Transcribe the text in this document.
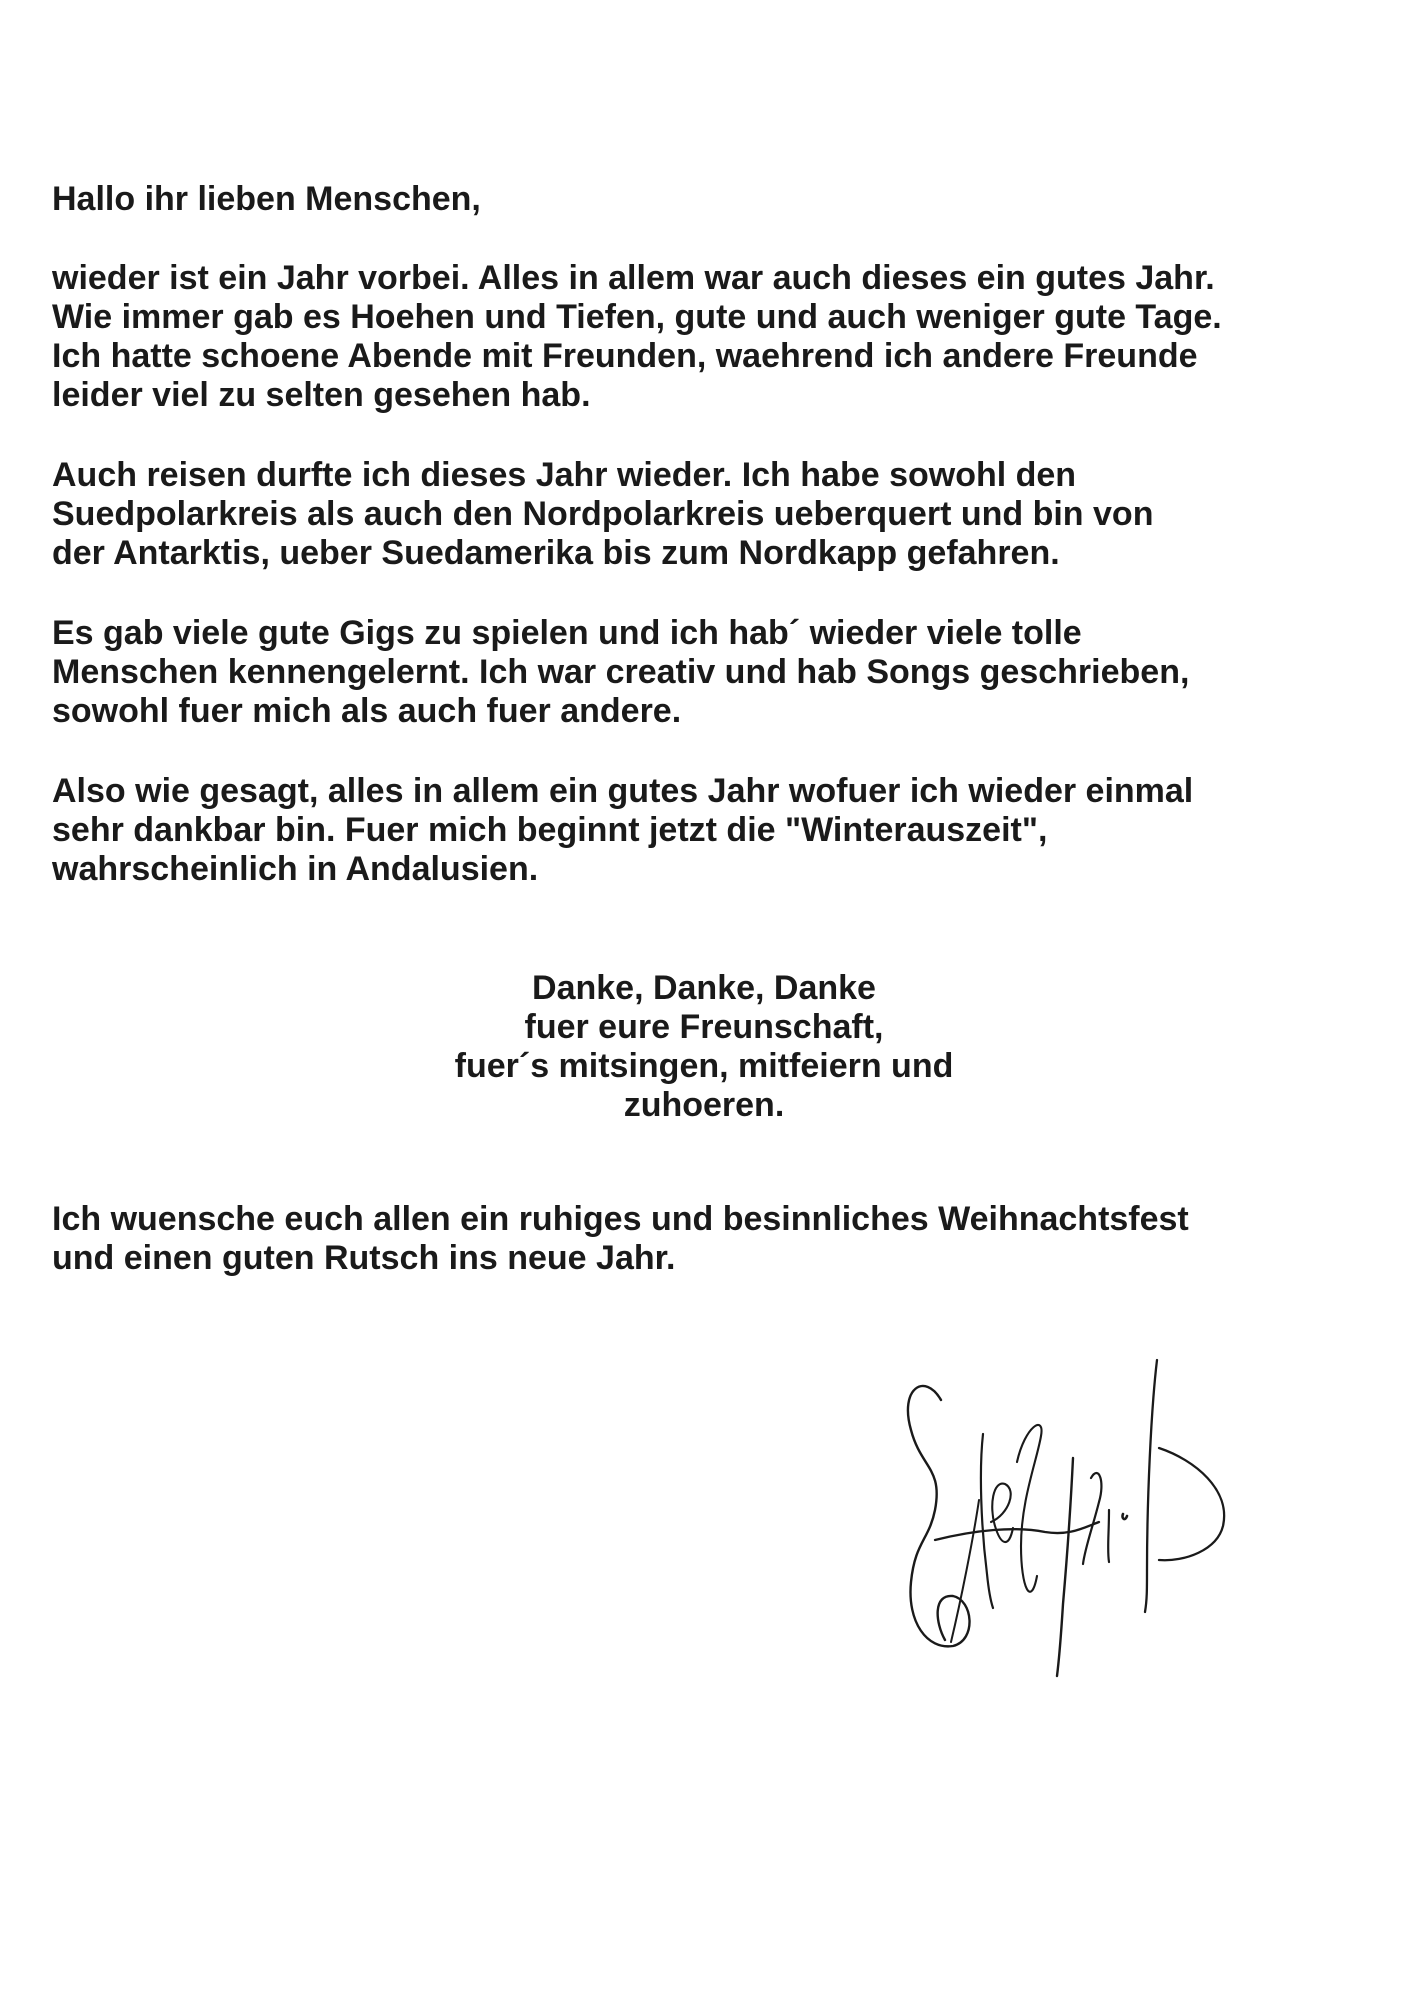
Hallo ihr lieben Menschen,
wieder ist ein Jahr vorbei. Alles in allem war auch dieses ein gutes Jahr.
Wie immer gab es Hoehen und Tiefen, gute und auch weniger gute Tage.
Ich hatte schoene Abende mit Freunden, waehrend ich andere Freunde
leider viel zu selten gesehen hab.
Auch reisen durfte ich dieses Jahr wieder. Ich habe sowohl den
Suedpolarkreis als auch den Nordpolarkreis ueberquert und bin von
der Antarktis, ueber Suedamerika bis zum Nordkapp gefahren.
Es gab viele gute Gigs zu spielen und ich hab´ wieder viele tolle
Menschen kennengelernt. Ich war creativ und hab Songs geschrieben,
sowohl fuer mich als auch fuer andere.
Also wie gesagt, alles in allem ein gutes Jahr wofuer ich wieder einmal
sehr dankbar bin. Fuer mich beginnt jetzt die "Winterauszeit",
wahrscheinlich in Andalusien.
Danke, Danke, Danke
fuer eure Freunschaft,
fuer´s mitsingen, mitfeiern und
zuhoeren.
Ich wuensche euch allen ein ruhiges und besinnliches Weihnachtsfest
und einen guten Rutsch ins neue Jahr.
